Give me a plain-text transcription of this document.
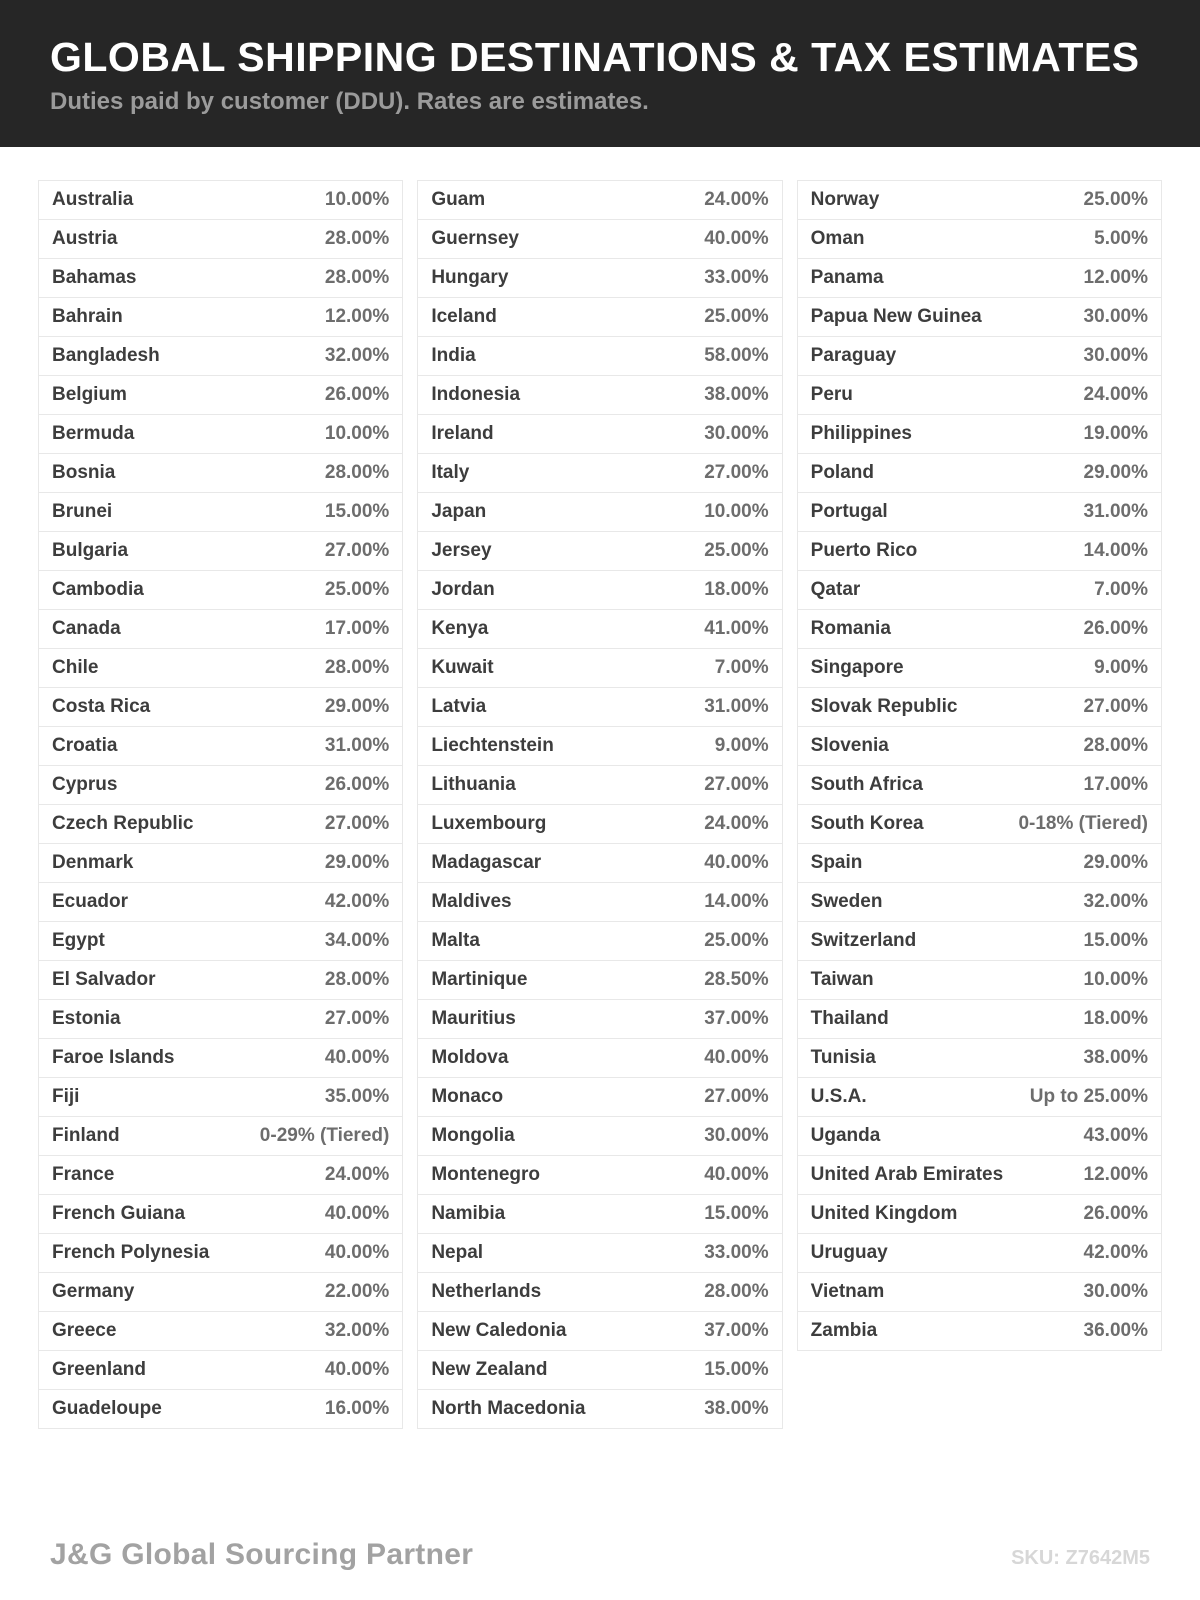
GLOBAL SHIPPING DESTINATIONS & TAX ESTIMATES

Duties paid by customer (DDU). Rates are estimates.

Australia	10.00%
Austria	28.00%
Bahamas	28.00%
Bahrain	12.00%
Bangladesh	32.00%
Belgium	26.00%
Bermuda	10.00%
Bosnia	28.00%
Brunei	15.00%
Bulgaria	27.00%
Cambodia	25.00%
Canada	17.00%
Chile	28.00%
Costa Rica	29.00%
Croatia	31.00%
Cyprus	26.00%
Czech Republic	27.00%
Denmark	29.00%
Ecuador	42.00%
Egypt	34.00%
El Salvador	28.00%
Estonia	27.00%
Faroe Islands	40.00%
Fiji	35.00%
Finland	0-29% (Tiered)
France	24.00%
French Guiana	40.00%
French Polynesia	40.00%
Germany	22.00%
Greece	32.00%
Greenland	40.00%
Guadeloupe	16.00%
Guam	24.00%
Guernsey	40.00%
Hungary	33.00%
Iceland	25.00%
India	58.00%
Indonesia	38.00%
Ireland	30.00%
Italy	27.00%
Japan	10.00%
Jersey	25.00%
Jordan	18.00%
Kenya	41.00%
Kuwait	7.00%
Latvia	31.00%
Liechtenstein	9.00%
Lithuania	27.00%
Luxembourg	24.00%
Madagascar	40.00%
Maldives	14.00%
Malta	25.00%
Martinique	28.50%
Mauritius	37.00%
Moldova	40.00%
Monaco	27.00%
Mongolia	30.00%
Montenegro	40.00%
Namibia	15.00%
Nepal	33.00%
Netherlands	28.00%
New Caledonia	37.00%
New Zealand	15.00%
North Macedonia	38.00%
Norway	25.00%
Oman	5.00%
Panama	12.00%
Papua New Guinea	30.00%
Paraguay	30.00%
Peru	24.00%
Philippines	19.00%
Poland	29.00%
Portugal	31.00%
Puerto Rico	14.00%
Qatar	7.00%
Romania	26.00%
Singapore	9.00%
Slovak Republic	27.00%
Slovenia	28.00%
South Africa	17.00%
South Korea	0-18% (Tiered)
Spain	29.00%
Sweden	32.00%
Switzerland	15.00%
Taiwan	10.00%
Thailand	18.00%
Tunisia	38.00%
U.S.A.	Up to 25.00%
Uganda	43.00%
United Arab Emirates	12.00%
United Kingdom	26.00%
Uruguay	42.00%
Vietnam	30.00%
Zambia	36.00%
J&G Global Sourcing Partner	SKU: Z7642M5
